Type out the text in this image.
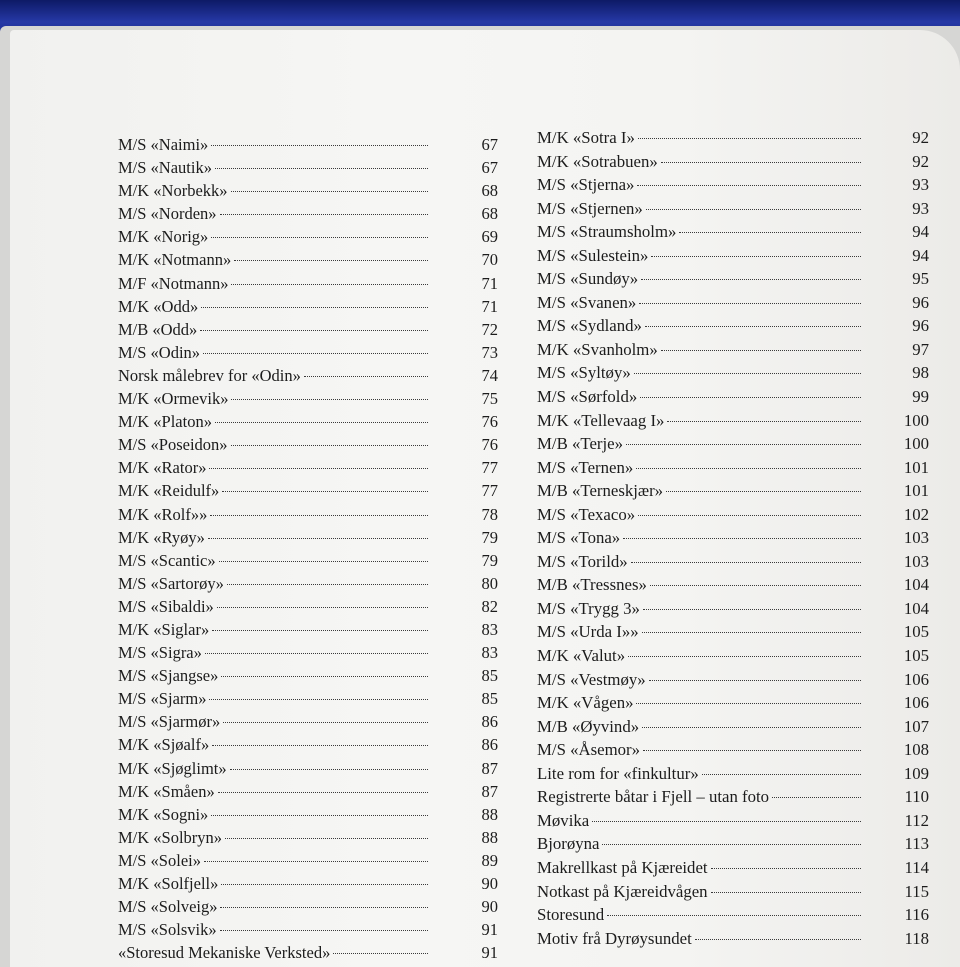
M/S «Naimi»	67
M/S «Nautik»	67
M/K «Norbekk»	68
M/S «Norden»	68
M/K «Norig»	69
M/K «Notmann»	70
M/F «Notmann»	71
M/K «Odd»	71
M/B «Odd»	72
M/S «Odin»	73
Norsk målebrev for «Odin»	74
M/K «Ormevik»	75
M/K «Platon»	76
M/S «Poseidon»	76
M/K «Rator»	77
M/K «Reidulf»	77
M/K «Rolf»»	78
M/K «Ryøy»	79
M/S «Scantic»	79
M/S «Sartorøy»	80
M/S «Sibaldi»	82
M/K «Siglar»	83
M/S «Sigra»	83
M/S «Sjangse»	85
M/S «Sjarm»	85
M/S «Sjarmør»	86
M/K «Sjøalf»	86
M/K «Sjøglimt»	87
M/K «Småen»	87
M/K «Sogni»	88
M/K «Solbryn»	88
M/S «Solei»	89
M/K «Solfjell»	90
M/S «Solveig»	90
M/S «Solsvik»	91
«Storesud Mekaniske Verksted»	91
M/K «Sotra I»	92
M/K «Sotrabuen»	92
M/S «Stjerna»	93
M/S «Stjernen»	93
M/S «Straumsholm»	94
M/S «Sulestein»	94
M/S «Sundøy»	95
M/S «Svanen»	96
M/S «Sydland»	96
M/K «Svanholm»	97
M/S «Syltøy»	98
M/S «Sørfold»	99
M/K «Tellevaag I»	100
M/B «Terje»	100
M/S «Ternen»	101
M/B «Terneskjær»	101
M/S «Texaco»	102
M/S «Tona»	103
M/S «Torild»	103
M/B «Tressnes»	104
M/S «Trygg 3»	104
M/S «Urda I»»	105
M/K «Valut»	105
M/S «Vestmøy»	106
M/K «Vågen»	106
M/B «Øyvind»	107
M/S «Åsemor»	108
Lite rom for «finkultur»	109
Registrerte båtar i Fjell – utan foto	110
Møvika	112
Bjorøyna	113
Makrellkast på Kjæreidet	114
Notkast på Kjæreidvågen	115
Storesund	116
Motiv frå Dyrøysundet	118
